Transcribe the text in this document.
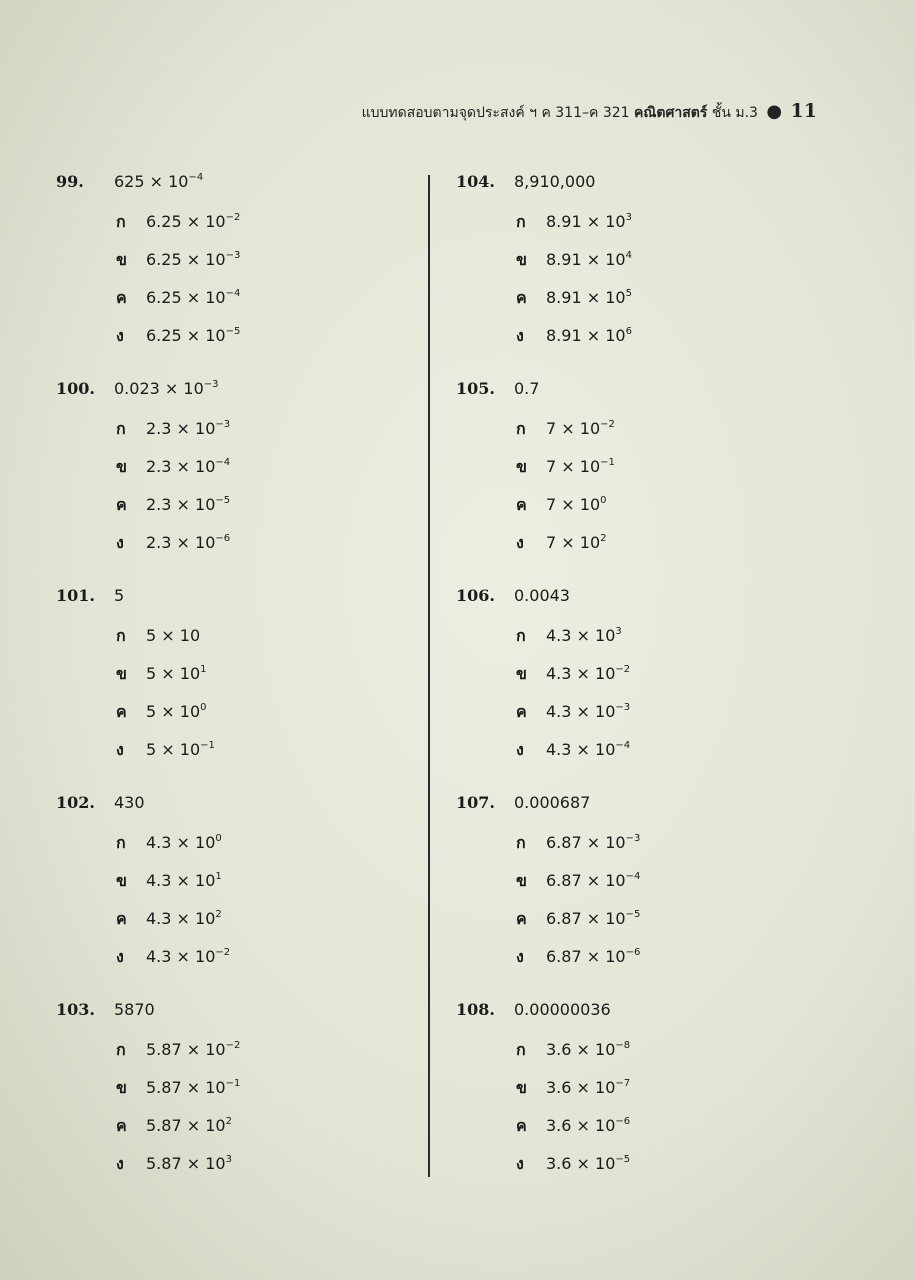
แบบทดสอบตามจุดประสงค์ ฯ ค 311–ค 321 คณิตศาสตร์ ชั้น ม.3 ● 11
99. $625 \times 10^{-4}$
ก $6.25 \times 10^{-2}$
ข $6.25 \times 10^{-3}$
ค $6.25 \times 10^{-4}$
ง $6.25 \times 10^{-5}$
100. $0.023 \times 10^{-3}$
ก $2.3 \times 10^{-3}$
ข $2.3 \times 10^{-4}$
ค $2.3 \times 10^{-5}$
ง $2.3 \times 10^{-6}$
101. 5
ก 5 × 10
ข $5 \times 10^1$
ค $5 \times 10^0$
ง $5 \times 10^{-1}$
102. 430
ก $4.3 \times 10^0$
ข $4.3 \times 10^1$
ค $4.3 \times 10^2$
ง $4.3 \times 10^{-2}$
103. 5870
ก $5.87 \times 10^{-2}$
ข $5.87 \times 10^{-1}$
ค $5.87 \times 10^2$
ง $5.87 \times 10^3$
104. 8,910,000
ก $8.91 \times 10^3$
ข $8.91 \times 10^4$
ค $8.91 \times 10^5$
ง $8.91 \times 10^6$
105. 0.7
ก $7 \times 10^{-2}$
ข $7 \times 10^{-1}$
ค $7 \times 10^0$
ง $7 \times 10^2$
106. 0.0043
ก $4.3 \times 10^3$
ข $4.3 \times 10^{-2}$
ค $4.3 \times 10^{-3}$
ง $4.3 \times 10^{-4}$
107. 0.000687
ก $6.87 \times 10^{-3}$
ข $6.87 \times 10^{-4}$
ค $6.87 \times 10^{-5}$
ง $6.87 \times 10^{-6}$
108. 0.00000036
ก $3.6 \times 10^{-8}$
ข $3.6 \times 10^{-7}$
ค $3.6 \times 10^{-6}$
ง $3.6 \times 10^{-5}$
